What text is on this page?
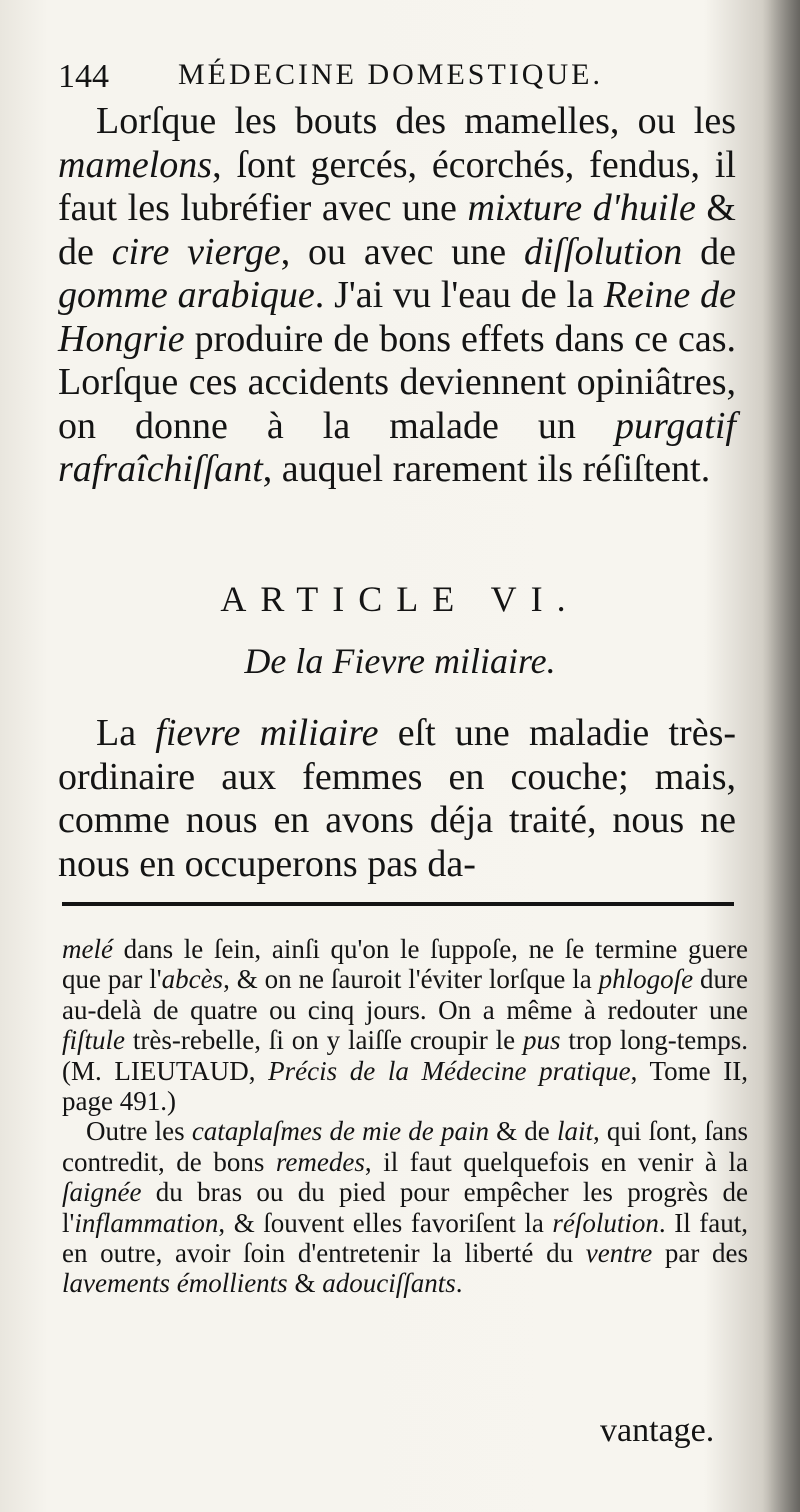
144 MÉDECINE DOMESTIQUE.

Lorſque les bouts des mamelles, ou les mamelons, ſont gercés, écorchés, fendus, il faut les lubréfier avec une mixture d'huile & de cire vierge, ou avec une diſſolution de gomme arabique. J'ai vu l'eau de la Reine de Hongrie produire de bons effets dans ce cas. Lorſque ces accidents deviennent opiniâtres, on donne à la malade un purgatif rafraîchiſſant, auquel rarement ils réſiſtent.

ARTICLE VI.
De la Fievre miliaire.

La fievre miliaire eſt une maladie très-ordinaire aux femmes en couche; mais, comme nous en avons déja traité, nous ne nous en occuperons pas da-

melé dans le ſein, ainſi qu'on le ſuppoſe, ne ſe termine guere que par l'abcès, & on ne ſauroit l'éviter lorſque la phlogoſe dure au-delà de quatre ou cinq jours. On a même à redouter une fiſtule très-rebelle, ſi on y laiſſe croupir le pus trop long-temps. (M. LIEUTAUD, Précis de la Médecine pratique, Tome II, page 491.)

Outre les cataplaſmes de mie de pain & de lait, qui ſont, ſans contredit, de bons remedes, il faut quelquefois en venir à la ſaignée du bras ou du pied pour empêcher les progrès de l'inflammation, & ſouvent elles favoriſent la réſolution. Il faut, en outre, avoir ſoin d'entretenir la liberté du ventre par des lavements émollients & adouciſſants.

vantage.
